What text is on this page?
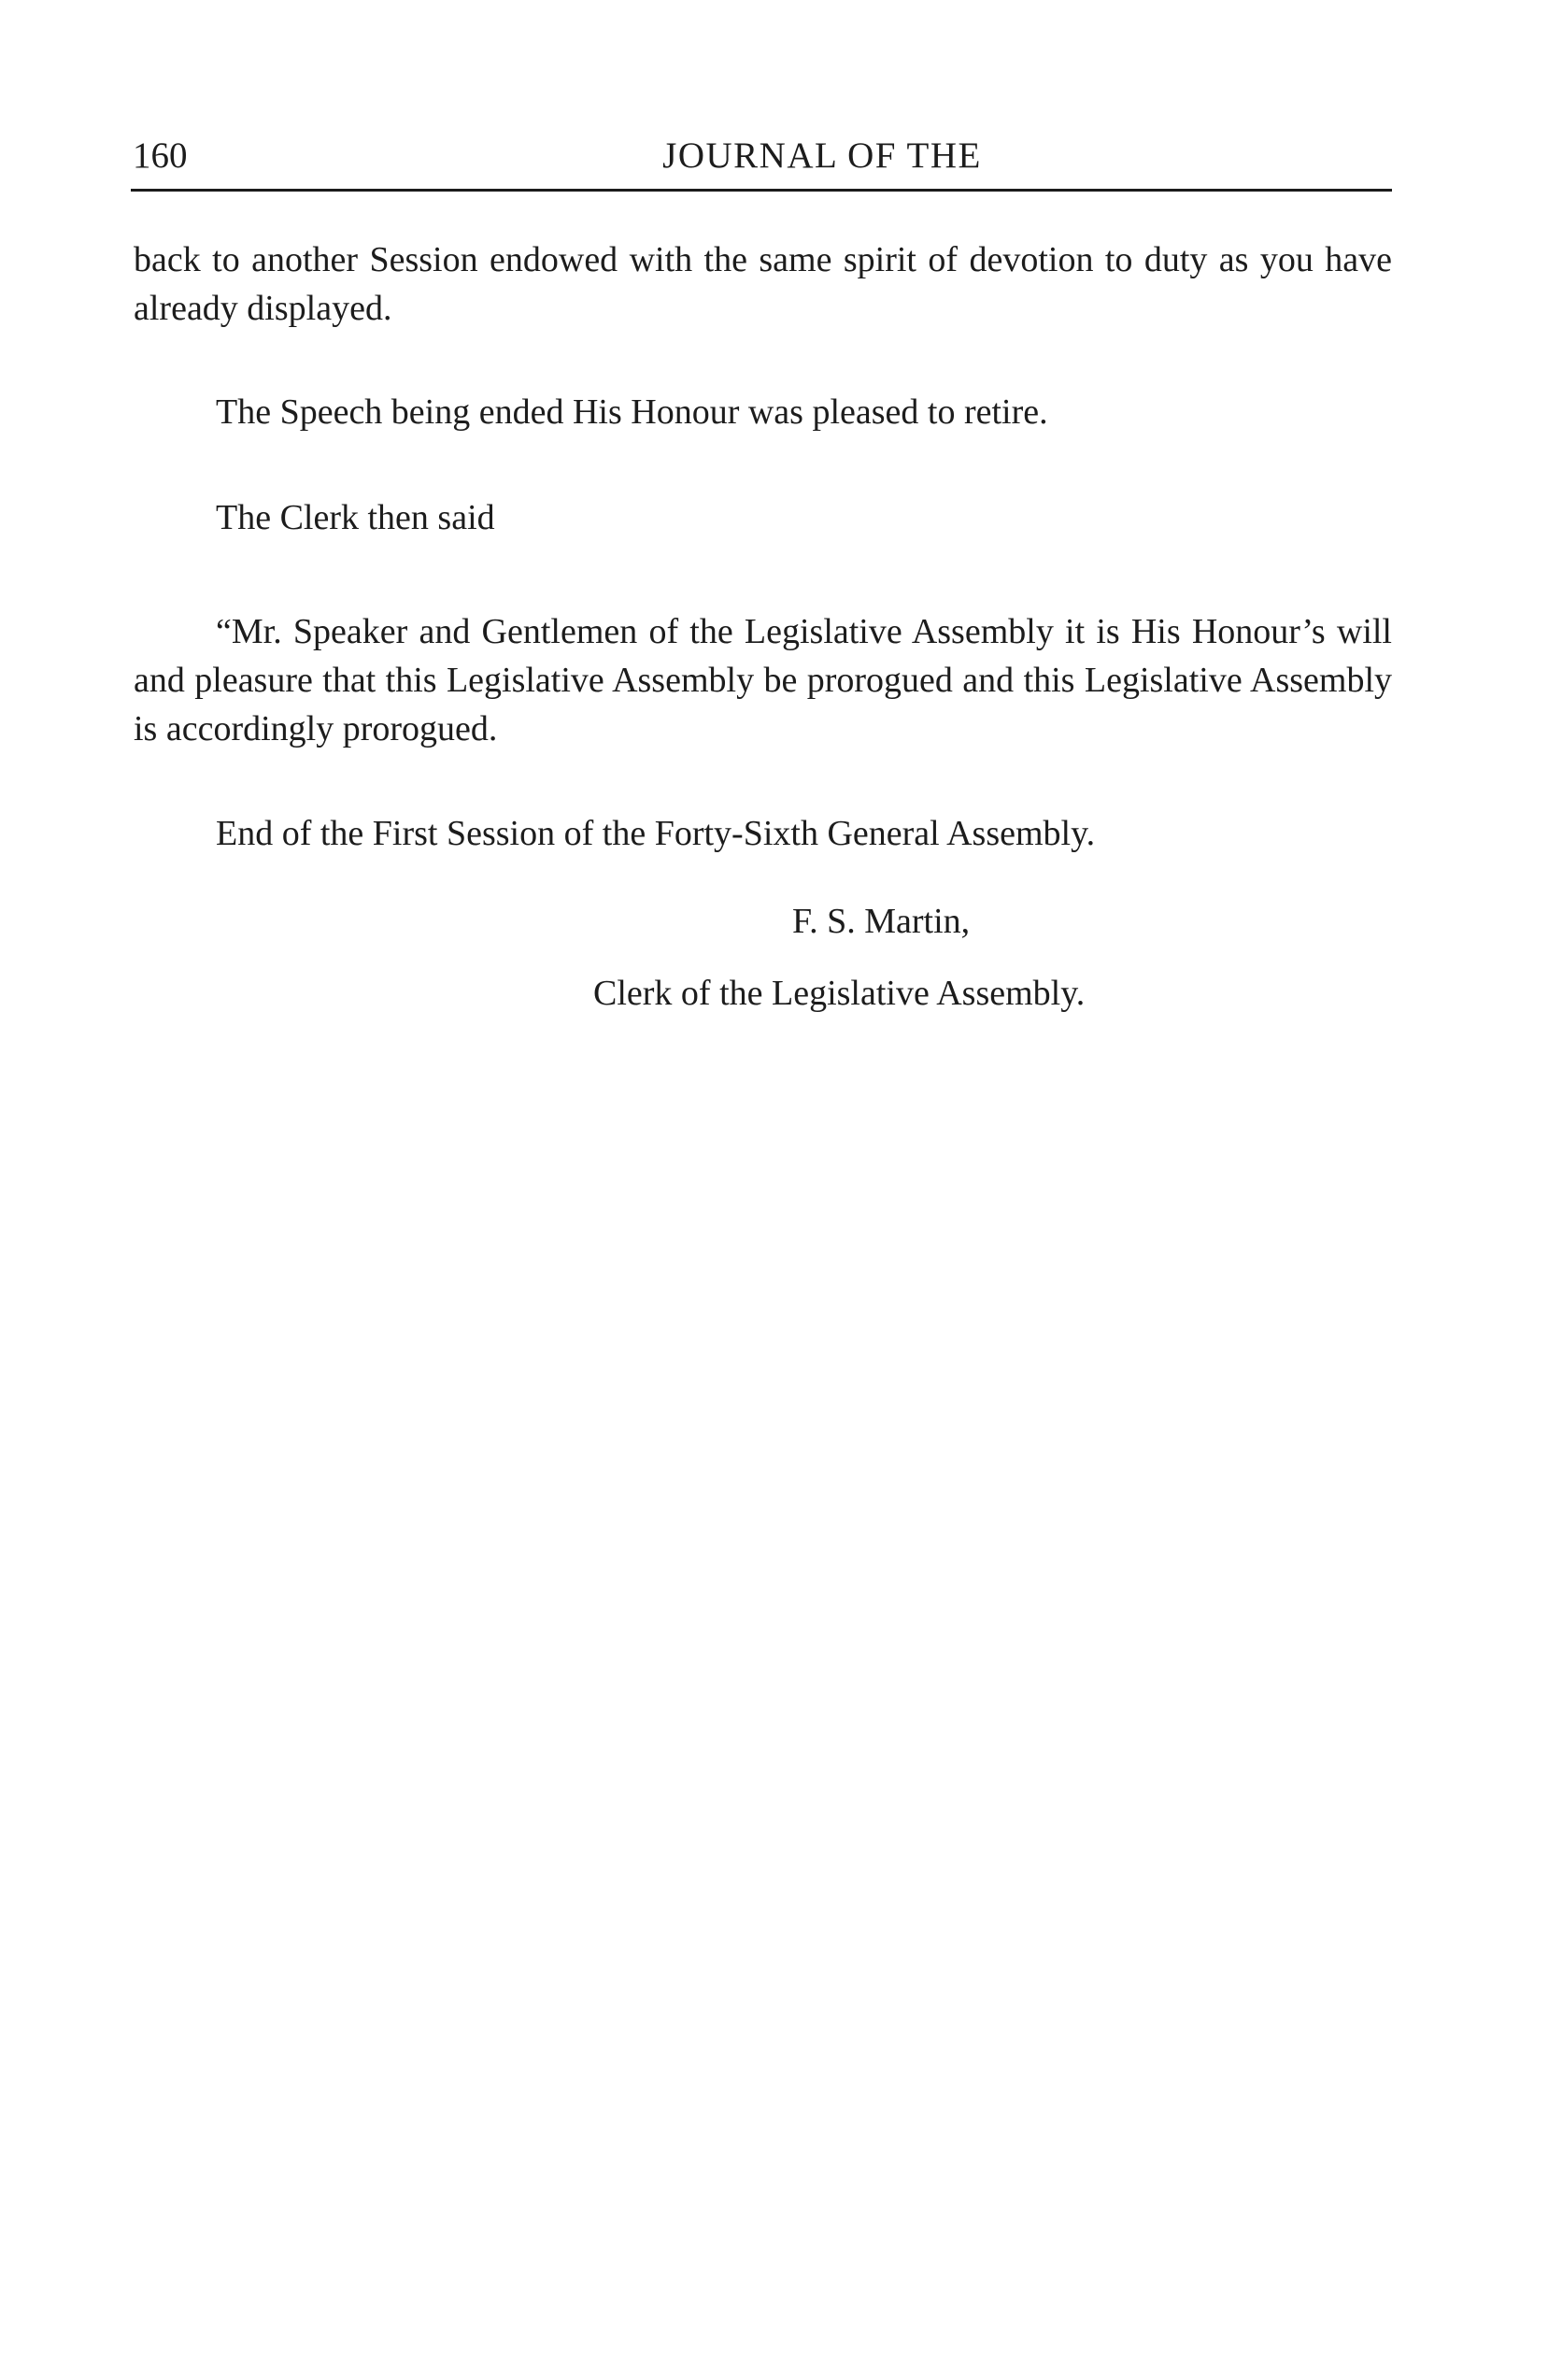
160	JOURNAL OF THE

back to another Session endowed with the same spirit of devotion to duty as you have already displayed.

The Speech being ended His Honour was pleased to retire.

The Clerk then said

“Mr. Speaker and Gentlemen of the Legislative Assembly it is His Honour’s will and pleasure that this Legislative Assembly be prorogued and this Legislative Assembly is accordingly prorogued.

End of the First Session of the Forty-Sixth General Assembly.

F. S. Martin,

Clerk of the Legislative Assembly.
